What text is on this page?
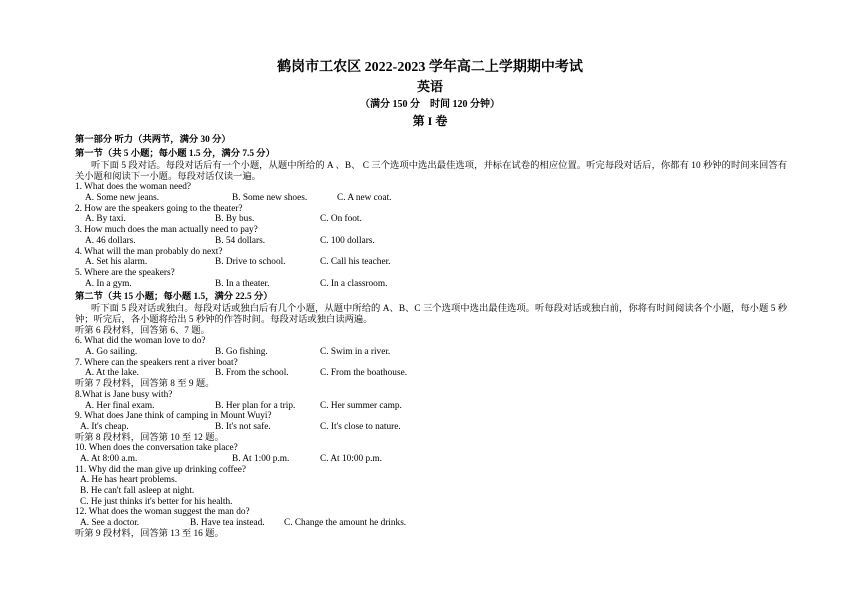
鹤岗市工农区 2022-2023 学年高二上学期期中考试
英语
（满分 150 分　时间 120 分钟）
第 I 卷
第一部分 听力（共两节，满分 30 分）
第一节（共 5 小题；每小题 1.5 分，满分 7.5 分）
听下面 5 段对话。每段对话后有一个小题，从题中所给的 A 、B、 C 三个选项中选出最佳选项，并标在试卷的相应位置。听完每段对话后，你都有 10 秒钟的时间来回答有关小题和阅读下一小题。每段对话仅读一遍。
1. What does the woman need?
A. Some new jeans.	B. Some new shoes.	C. A new coat.
2. How are the speakers going to the theater?
A. By taxi.	B. By bus.	C. On foot.
3. How much does the man actually need to pay?
A. 46 dollars.	B. 54 dollars.	C. 100 dollars.
4. What will the man probably do next?
A. Set his alarm.	B. Drive to school.	C. Call his teacher.
5. Where are the speakers?
A. In a gym.	B. In a theater.	C. In a classroom.
第二节（共 15 小题；每小题 1.5，满分 22.5 分）
听下面 5 段对话或独白。每段对话或独白后有几个小题，从题中所给的 A、B、C 三个选项中选出最佳选项。听每段对话或独白前，你将有时间阅读各个小题，每小题 5 秒钟；听完后，各小题将给出 5 秒钟的作答时间。每段对话或独白读两遍。
听第 6 段材料，回答第 6、7 题。
6. What did the woman love to do?
A. Go sailing.	B. Go fishing.	C. Swim in a river.
7. Where can the speakers rent a river boat?
A. At the lake.	B. From the school.	C. From the boathouse.
听第 7 段材料，回答第 8 至 9 题。
8.What is Jane busy with?
A. Her final exam.	B. Her plan for a trip.	C. Her summer camp.
9. What does Jane think of camping in Mount Wuyi?
A. It's cheap.	B. It's not safe.	C. It's close to nature.
听第 8 段材料，回答第 10 至 12 题。
10. When does the conversation take place?
A. At 8:00 a.m.	B. At 1:00 p.m.	C. At 10:00 p.m.
11. Why did the man give up drinking coffee?
A. He has heart problems.
B. He can't fall asleep at night.
C. He just thinks it's better for his health.
12. What does the woman suggest the man do?
A. See a doctor.	B. Have tea instead. C. Change the amount he drinks.
听第 9 段材料，回答第 13 至 16 题。
